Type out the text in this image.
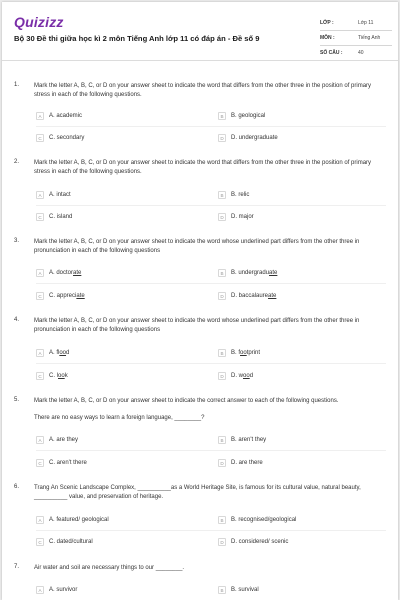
Quizizz
Bộ 30 Đề thi giữa học kì 2 môn Tiếng Anh lớp 11 có đáp án - Đề số 9
LỚP :	Lớp 11
MÔN :	Tiếng Anh
SỐ CÂU :	40
1. Mark the letter A, B, C, or D on your answer sheet to indicate the word that differs from the other three in the position of primary stress in each of the following questions.
A	A. academic	B	B. geological
C	C. secondary	D	D. undergraduate
2. Mark the letter A, B, C, or D on your answer sheet to indicate the word that differs from the other three in the position of primary stress in each of the following questions.
A	A. intact	B	B. relic
C	C. island	D	D. major
3. Mark the letter A, B, C, or D on your answer sheet to indicate the word whose underlined part differs from the other three in pronunciation in each of the following questions
A	A. doctorate	B	B. undergraduate
C	C. appreciate	D	D. baccalaureate
4. Mark the letter A, B, C, or D on your answer sheet to indicate the word whose underlined part differs from the other three in pronunciation in each of the following questions
A	A. flood	B	B. footprint
C	C. look	D	D. wood
5. Mark the letter A, B, C, or D on your answer sheet to indicate the correct answer to each of the following questions.
There are no easy ways to learn a foreign language, ________?
A	A. are they	B	B. aren't they
C	C. aren't there	D	D. are there
6. Trang An Scenic Landscape Complex, __________as a World Heritage Site, is famous for its cultural value, natural beauty, __________ value, and preservation of heritage.
A	A. featured/ geological	B	B. recognised/geological
C	C. dated/cultural	D	D. considered/ scenic
7. Air water and soil are necessary things to our ________.
A	A. survivor	B	B. survival
